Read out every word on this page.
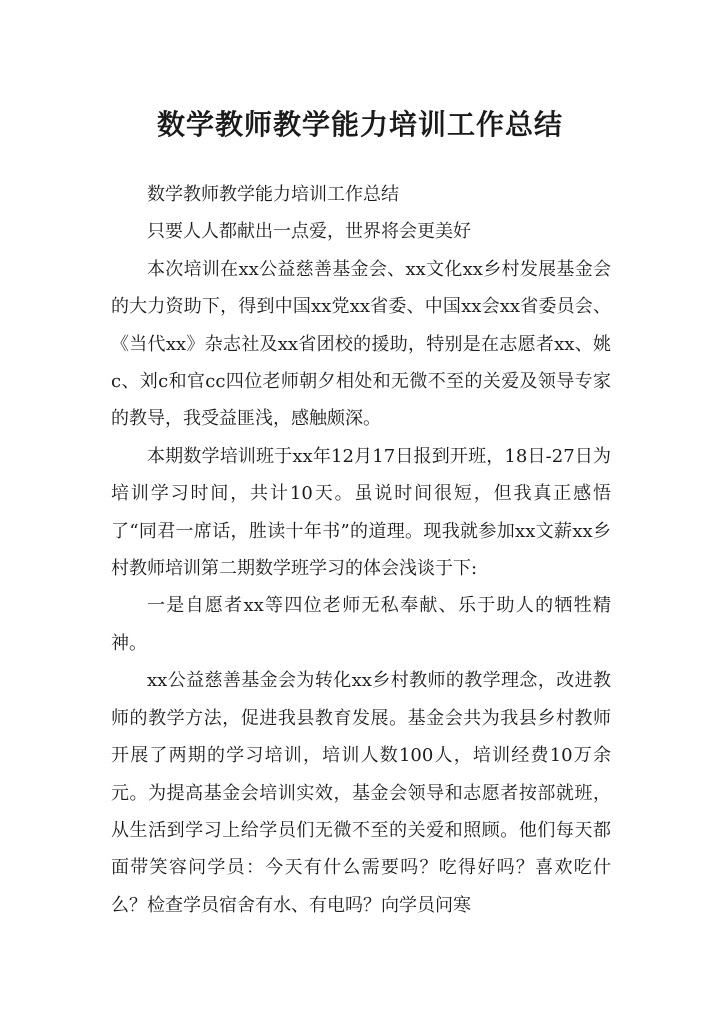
数学教师教学能力培训工作总结

数学教师教学能力培训工作总结

只要人人都献出一点爱，世界将会更美好

本次培训在xx公益慈善基金会、xx文化xx乡村发展基金会的大力资助下，得到中国xx党xx省委、中国xx会xx省委员会、《当代xx》杂志社及xx省团校的援助，特别是在志愿者xx、姚c、刘c和官cc四位老师朝夕相处和无微不至的关爱及领导专家的教导，我受益匪浅，感触颇深。

本期数学培训班于xx年12月17日报到开班，18日-27日为培训学习时间，共计10天。虽说时间很短，但我真正感悟了“同君一席话，胜读十年书”的道理。现我就参加xx文薪xx乡村教师培训第二期数学班学习的体会浅谈于下:

一是自愿者xx等四位老师无私奉献、乐于助人的牺牲精神。

xx公益慈善基金会为转化xx乡村教师的教学理念，改进教师的教学方法，促进我县教育发展。基金会共为我县乡村教师开展了两期的学习培训，培训人数100人，培训经费10万余元。为提高基金会培训实效，基金会领导和志愿者按部就班，从生活到学习上给学员们无微不至的关爱和照顾。他们每天都面带笑容问学员：今天有什么需要吗？吃得好吗？喜欢吃什么？检查学员宿舍有水、有电吗？向学员问寒
